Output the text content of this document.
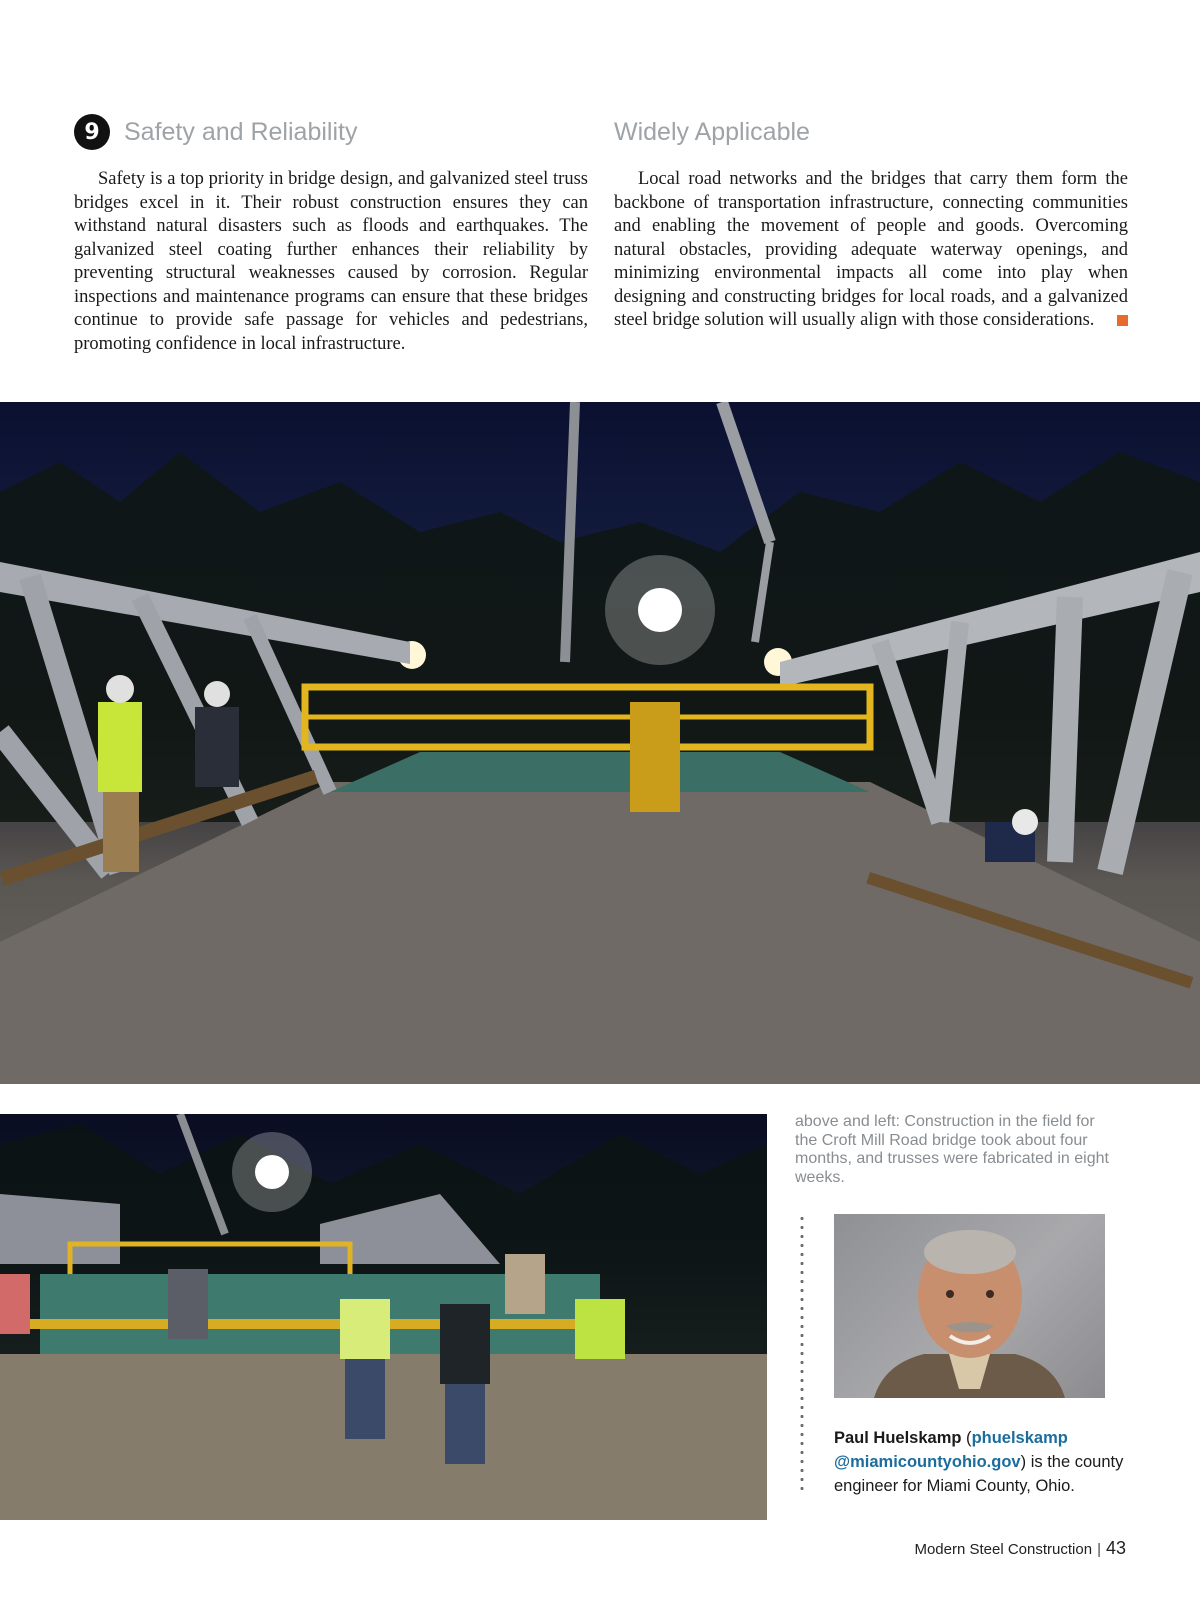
9 Safety and Reliability

Safety is a top priority in bridge design, and galvanized steel truss bridges excel in it. Their robust construction ensures they can withstand natural disasters such as floods and earthquakes. The galvanized steel coating further enhances their reliability by preventing structural weaknesses caused by corrosion. Regular inspections and maintenance programs can ensure that these bridges continue to provide safe passage for vehicles and pedestrians, promoting confidence in local infrastructure.

Widely Applicable

Local road networks and the bridges that carry them form the backbone of transportation infrastructure, connecting communities and enabling the movement of people and goods. Overcoming natural obstacles, providing adequate waterway openings, and minimizing environmental impacts all come into play when designing and constructing bridges for local roads, and a galvanized steel bridge solution will usually align with those considerations.

above and left: Construction in the field for the Croft Mill Road bridge took about four months, and trusses were fabricated in eight weeks.
Paul Huelskamp (phuelskamp
@miamicountyohio.gov) is the county engineer for Miami County, Ohio.
Modern Steel Construction | 43
